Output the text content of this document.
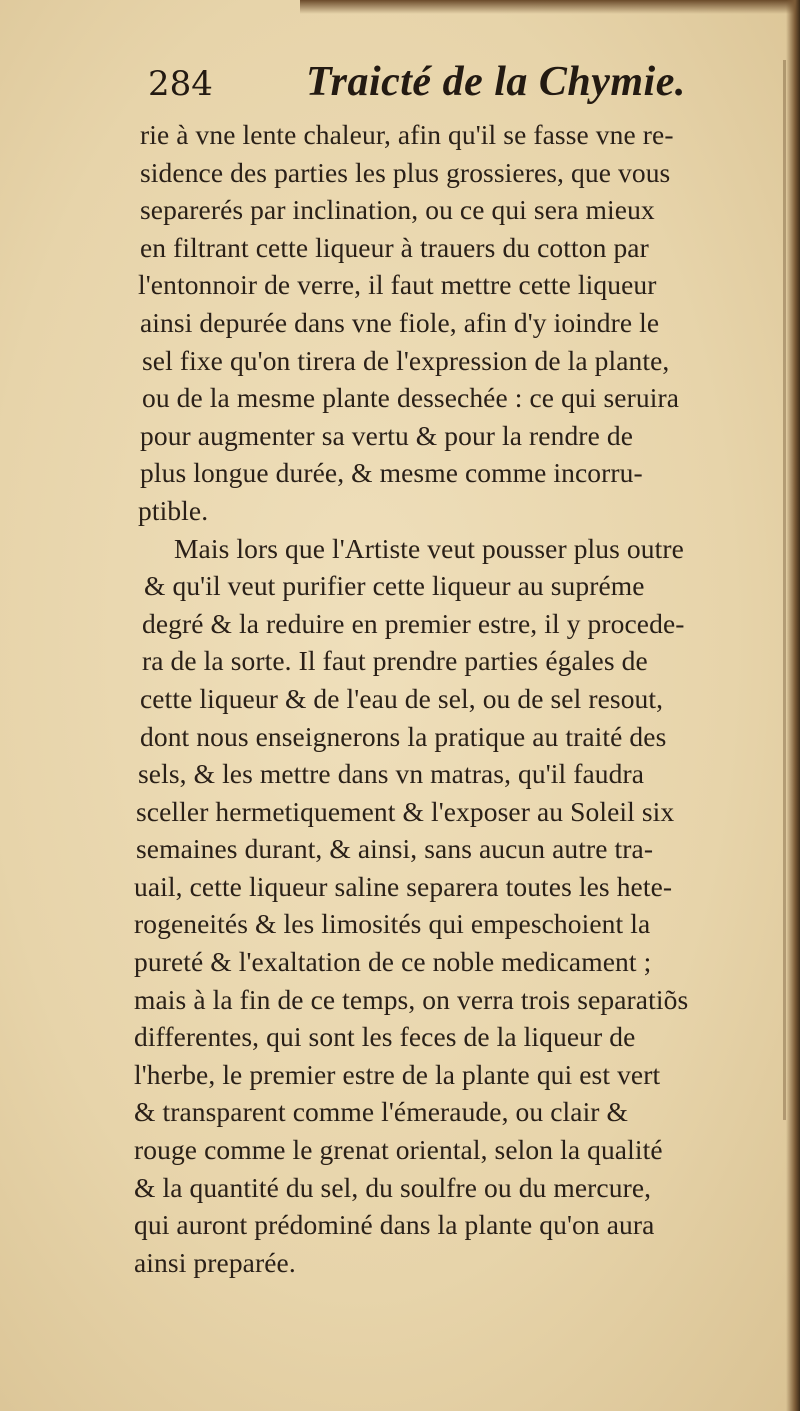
284 Traicté de la Chymie.
rie à vne lente chaleur, afin qu'il se fasse vne re-
sidence des parties les plus grossieres, que vous
separerés par inclination, ou ce qui sera mieux
en filtrant cette liqueur à trauers du cotton par
l'entonnoir de verre, il faut mettre cette liqueur
ainsi depurée dans vne fiole, afin d'y ioindre le
sel fixe qu'on tirera de l'expression de la plante,
ou de la mesme plante dessechée : ce qui seruira
pour augmenter sa vertu & pour la rendre de
plus longue durée, & mesme comme incorru-
ptible.
Mais lors que l'Artiste veut pousser plus outre
& qu'il veut purifier cette liqueur au supréme
degré & la reduire en premier estre, il y procede-
ra de la sorte. Il faut prendre parties égales de
cette liqueur & de l'eau de sel, ou de sel resout,
dont nous enseignerons la pratique au traité des
sels, & les mettre dans vn matras, qu'il faudra
sceller hermetiquement & l'exposer au Soleil six
semaines durant, & ainsi, sans aucun autre tra-
uail, cette liqueur saline separera toutes les hete-
rogeneités & les limosités qui empeschoient la
pureté & l'exaltation de ce noble medicament ;
mais à la fin de ce temps, on verra trois separatiõs
differentes, qui sont les feces de la liqueur de
l'herbe, le premier estre de la plante qui est vert
& transparent comme l'émeraude, ou clair &
rouge comme le grenat oriental, selon la qualité
& la quantité du sel, du soulfre ou du mercure,
qui auront prédominé dans la plante qu'on aura
ainsi preparée.
